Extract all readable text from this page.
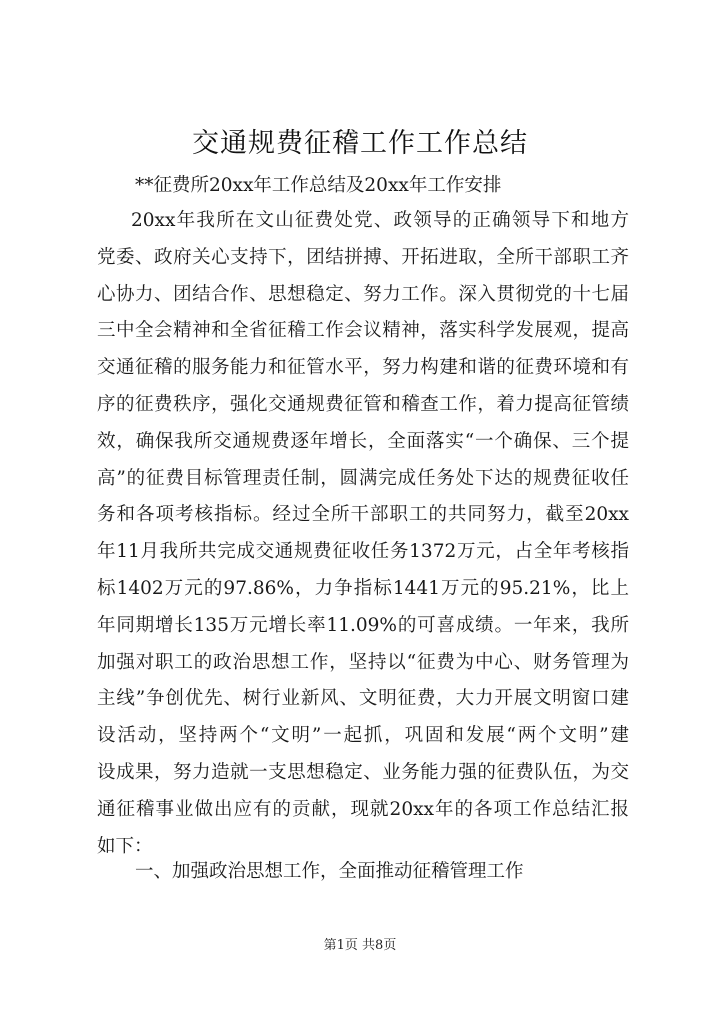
交通规费征稽工作工作总结
**征费所20xx年工作总结及20xx年工作安排
20xx年我所在文山征费处党、政领导的正确领导下和地方
党委、政府关心支持下，团结拼搏、开拓进取，全所干部职工齐
心协力、团结合作、思想稳定、努力工作。深入贯彻党的十七届
三中全会精神和全省征稽工作会议精神，落实科学发展观，提高
交通征稽的服务能力和征管水平，努力构建和谐的征费环境和有
序的征费秩序，强化交通规费征管和稽查工作，着力提高征管绩
效，确保我所交通规费逐年增长，全面落实“一个确保、三个提
高”的征费目标管理责任制，圆满完成任务处下达的规费征收任
务和各项考核指标。经过全所干部职工的共同努力，截至20xx
年11月我所共完成交通规费征收任务1372万元，占全年考核指
标1402万元的97.86%，力争指标1441万元的95.21%，比上
年同期增长135万元增长率11.09%的可喜成绩。一年来，我所
加强对职工的政治思想工作，坚持以“征费为中心、财务管理为
主线”争创优先、树行业新风、文明征费，大力开展文明窗口建
设活动，坚持两个“文明”一起抓，巩固和发展“两个文明”建
设成果，努力造就一支思想稳定、业务能力强的征费队伍，为交
通征稽事业做出应有的贡献，现就20xx年的各项工作总结汇报
如下：
一、加强政治思想工作，全面推动征稽管理工作
第1页 共8页
